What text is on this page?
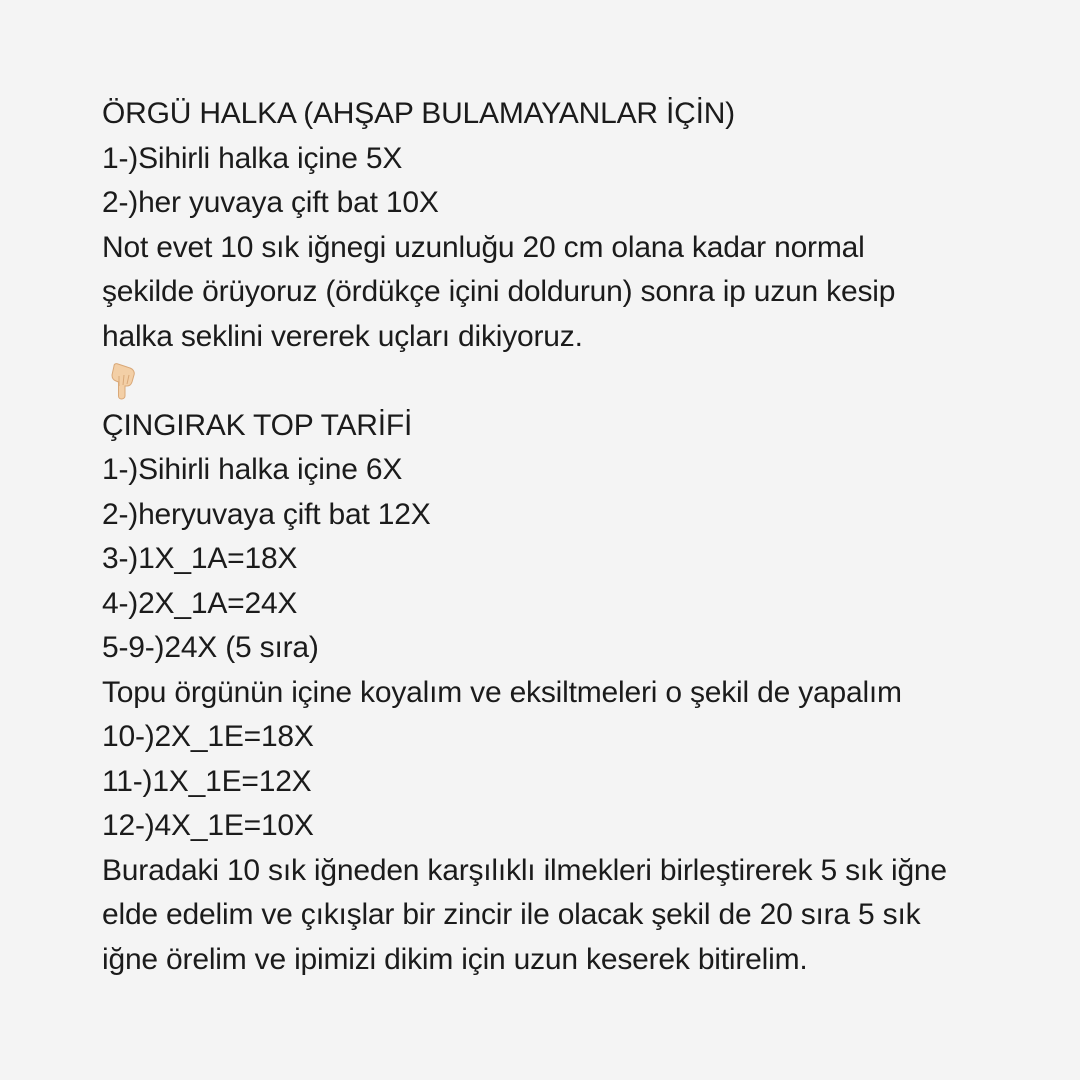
ÖRGÜ HALKA (AHŞAP BULAMAYANLAR İÇİN)
1-)Sihirli halka içine 5X
2-)her yuvaya çift bat 10X
Not evet 10 sık iğnegi uzunluğu 20 cm olana kadar normal
şekilde örüyoruz (ördükçe içini doldurun) sonra ip uzun kesip
halka seklini vererek uçları dikiyoruz.
ÇINGIRAK TOP TARİFİ
1-)Sihirli halka içine 6X
2-)heryuvaya çift bat 12X
3-)1X_1A=18X
4-)2X_1A=24X
5-9-)24X (5 sıra)
Topu örgünün içine koyalım ve eksiltmeleri o şekil de yapalım
10-)2X_1E=18X
11-)1X_1E=12X
12-)4X_1E=10X
Buradaki 10 sık iğneden karşılıklı ilmekleri birleştirerek 5 sık iğne
elde edelim ve çıkışlar bir zincir ile olacak şekil de 20 sıra 5 sık
iğne örelim ve ipimizi dikim için uzun keserek bitirelim.
